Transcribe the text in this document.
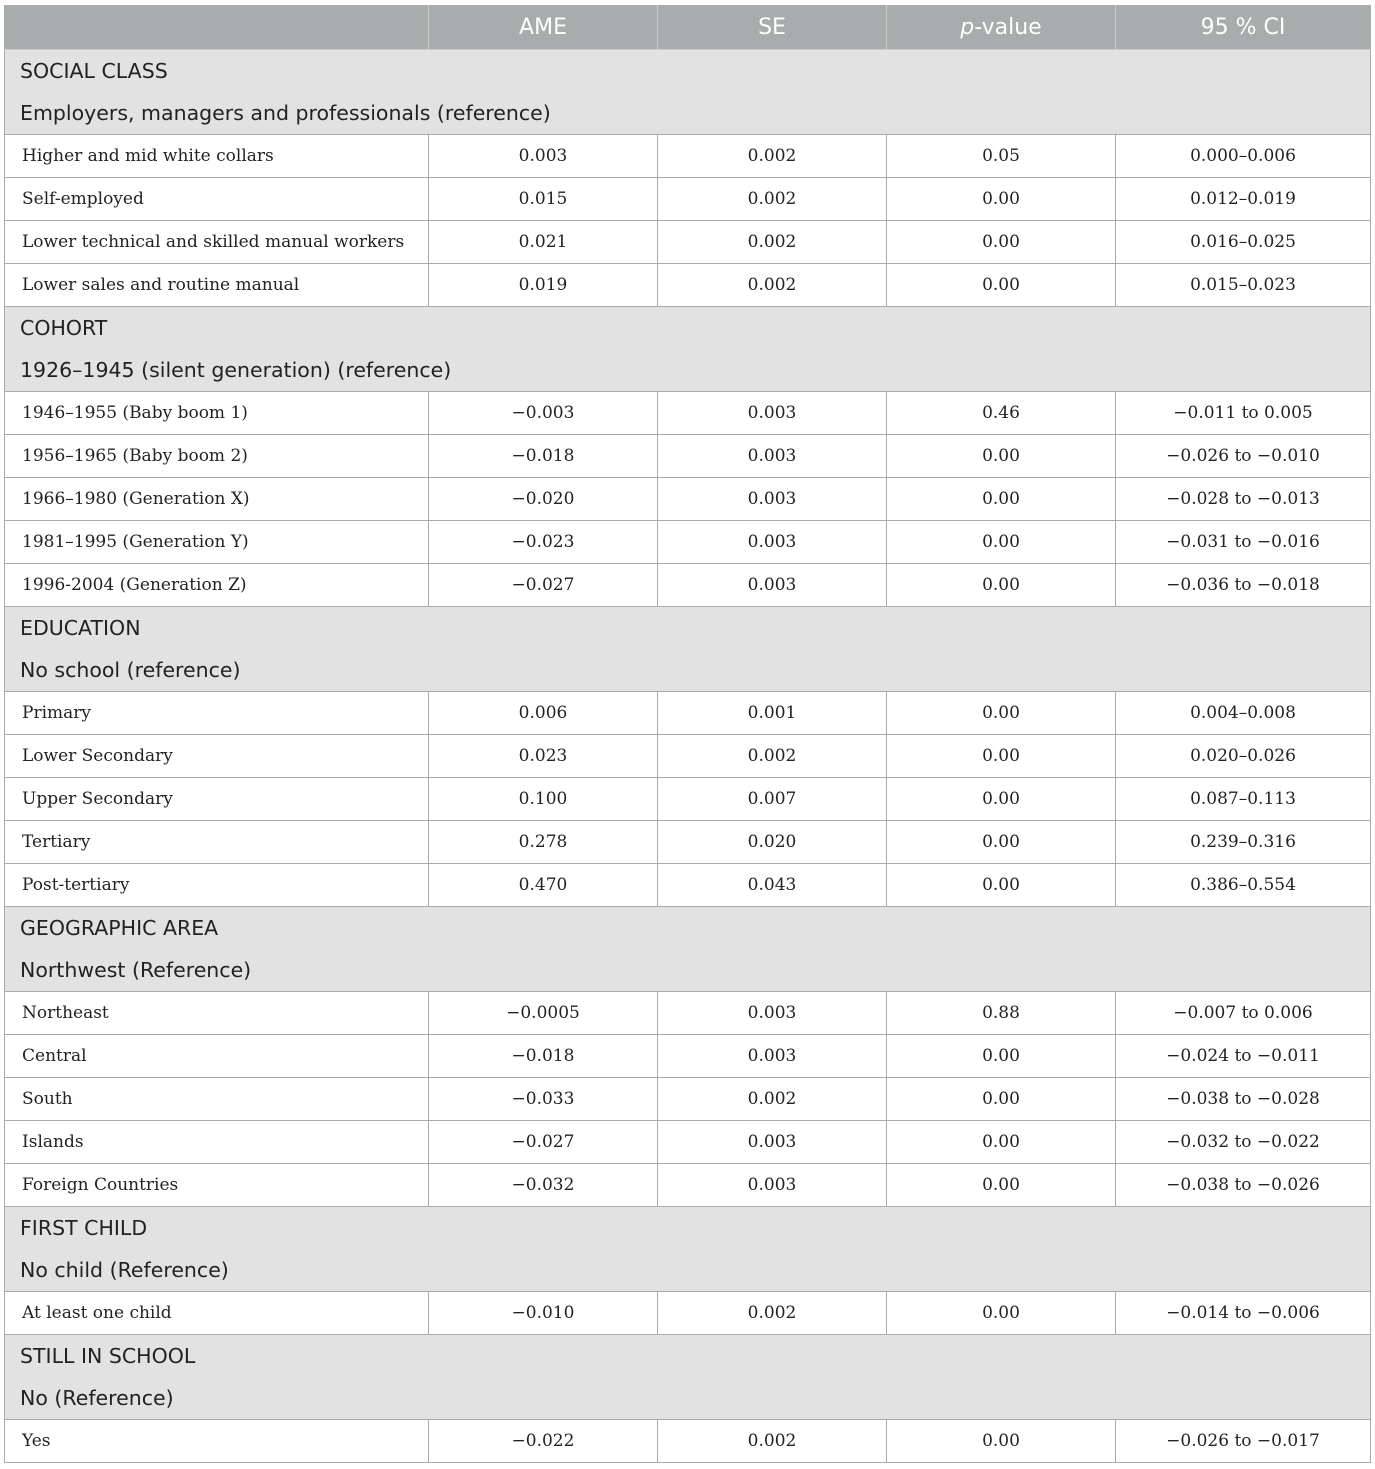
	AME	SE	p-value	95 % CI
SOCIAL CLASS				
Employers, managers and professionals (reference)				
Higher and mid white collars	0.003	0.002	0.05	0.000–0.006
Self-employed	0.015	0.002	0.00	0.012–0.019
Lower technical and skilled manual workers	0.021	0.002	0.00	0.016–0.025
Lower sales and routine manual	0.019	0.002	0.00	0.015–0.023
COHORT				
1926–1945 (silent generation) (reference)				
1946–1955 (Baby boom 1)	−0.003	0.003	0.46	−0.011 to 0.005
1956–1965 (Baby boom 2)	−0.018	0.003	0.00	−0.026 to −0.010
1966–1980 (Generation X)	−0.020	0.003	0.00	−0.028 to −0.013
1981–1995 (Generation Y)	−0.023	0.003	0.00	−0.031 to −0.016
1996-2004 (Generation Z)	−0.027	0.003	0.00	−0.036 to −0.018
EDUCATION				
No school (reference)				
Primary	0.006	0.001	0.00	0.004–0.008
Lower Secondary	0.023	0.002	0.00	0.020–0.026
Upper Secondary	0.100	0.007	0.00	0.087–0.113
Tertiary	0.278	0.020	0.00	0.239–0.316
Post-tertiary	0.470	0.043	0.00	0.386–0.554
GEOGRAPHIC AREA				
Northwest (Reference)				
Northeast	−0.0005	0.003	0.88	−0.007 to 0.006
Central	−0.018	0.003	0.00	−0.024 to −0.011
South	−0.033	0.002	0.00	−0.038 to −0.028
Islands	−0.027	0.003	0.00	−0.032 to −0.022
Foreign Countries	−0.032	0.003	0.00	−0.038 to −0.026
FIRST CHILD				
No child (Reference)				
At least one child	−0.010	0.002	0.00	−0.014 to −0.006
STILL IN SCHOOL				
No (Reference)				
Yes	−0.022	0.002	0.00	−0.026 to −0.017
